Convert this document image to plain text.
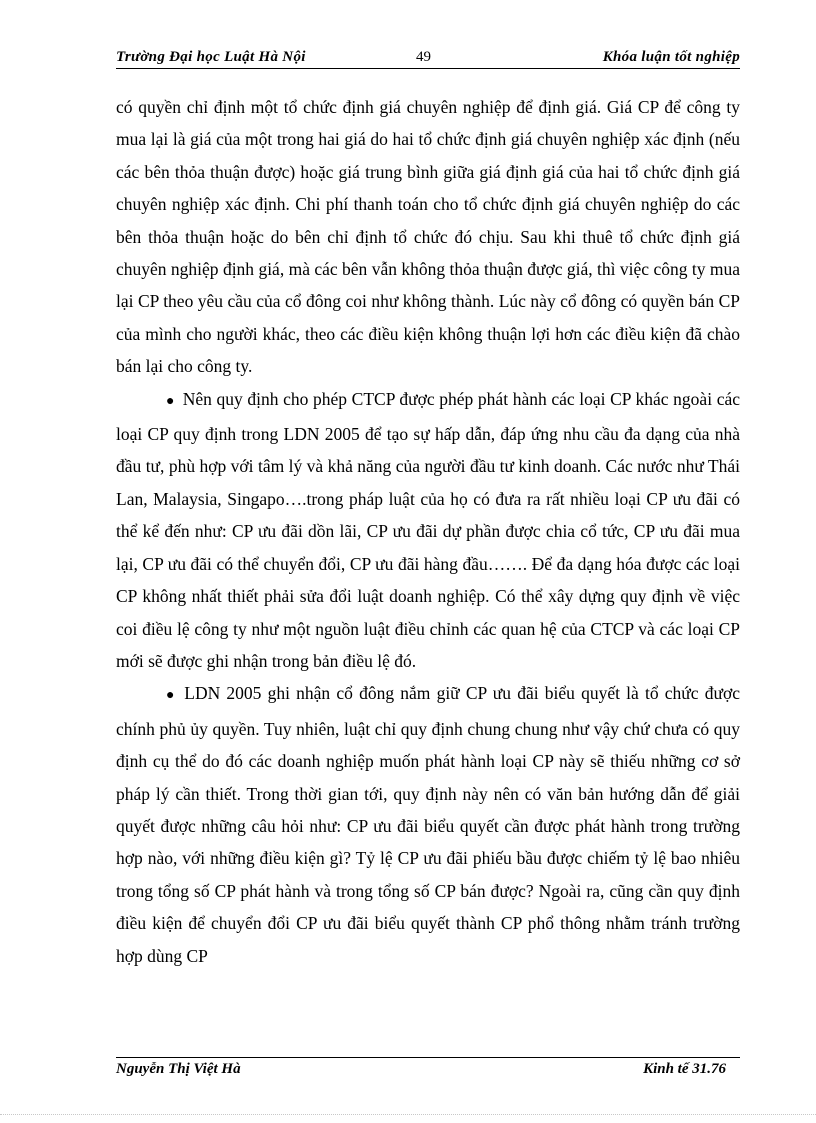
Trường Đại học Luật Hà Nội	49	Khóa luận tốt nghiệp

có quyền chỉ định một tổ chức định giá chuyên nghiệp để định giá. Giá CP để công ty mua lại là giá của một trong hai giá do hai tổ chức định giá chuyên nghiệp xác định (nếu các bên thỏa thuận được) hoặc giá trung bình giữa giá định giá của hai tổ chức định giá chuyên nghiệp xác định. Chi phí thanh toán cho tổ chức định giá chuyên nghiệp do các bên thỏa thuận hoặc do bên chỉ định tổ chức đó chịu. Sau khi thuê tổ chức định giá chuyên nghiệp định giá, mà các bên vẫn không thỏa thuận được giá, thì việc công ty mua lại CP theo yêu cầu của cổ đông coi như không thành. Lúc này cổ đông có quyền bán CP của mình cho người khác, theo các điều kiện không thuận lợi hơn các điều kiện đã chào bán lại cho công ty.

● Nên quy định cho phép CTCP được phép phát hành các loại CP khác ngoài các loại CP quy định trong LDN 2005 để tạo sự hấp dẫn, đáp ứng nhu cầu đa dạng của nhà đầu tư, phù hợp với tâm lý và khả năng của người đầu tư kinh doanh. Các nước như Thái Lan, Malaysia, Singapo….trong pháp luật của họ có đưa ra rất nhiều loại CP ưu đãi có thể kể đến như: CP ưu đãi dồn lãi, CP ưu đãi dự phần được chia cổ tức, CP ưu đãi mua lại, CP ưu đãi có thể chuyển đổi, CP ưu đãi hàng đầu……. Để đa dạng hóa được các loại CP không nhất thiết phải sửa đổi luật doanh nghiệp. Có thể xây dựng quy định về việc coi điều lệ công ty như một nguồn luật điều chỉnh các quan hệ của CTCP và các loại CP mới sẽ được ghi nhận trong bản điều lệ đó.

● LDN 2005 ghi nhận cổ đông nắm giữ CP ưu đãi biểu quyết là tổ chức được chính phủ ủy quyền. Tuy nhiên, luật chỉ quy định chung chung như vậy chứ chưa có quy định cụ thể do đó các doanh nghiệp muốn phát hành loại CP này sẽ thiếu những cơ sở pháp lý cần thiết. Trong thời gian tới, quy định này nên có văn bản hướng dẫn để giải quyết được những câu hỏi như: CP ưu đãi biểu quyết cần được phát hành trong trường hợp nào, với những điều kiện gì? Tỷ lệ CP ưu đãi phiếu bầu được chiếm tỷ lệ bao nhiêu trong tổng số CP phát hành và trong tổng số CP bán được? Ngoài ra, cũng cần quy định điều kiện để chuyển đổi CP ưu đãi biểu quyết thành CP phổ thông nhằm tránh trường hợp dùng CP

Nguyễn Thị Việt Hà	Kinh tế 31.76
